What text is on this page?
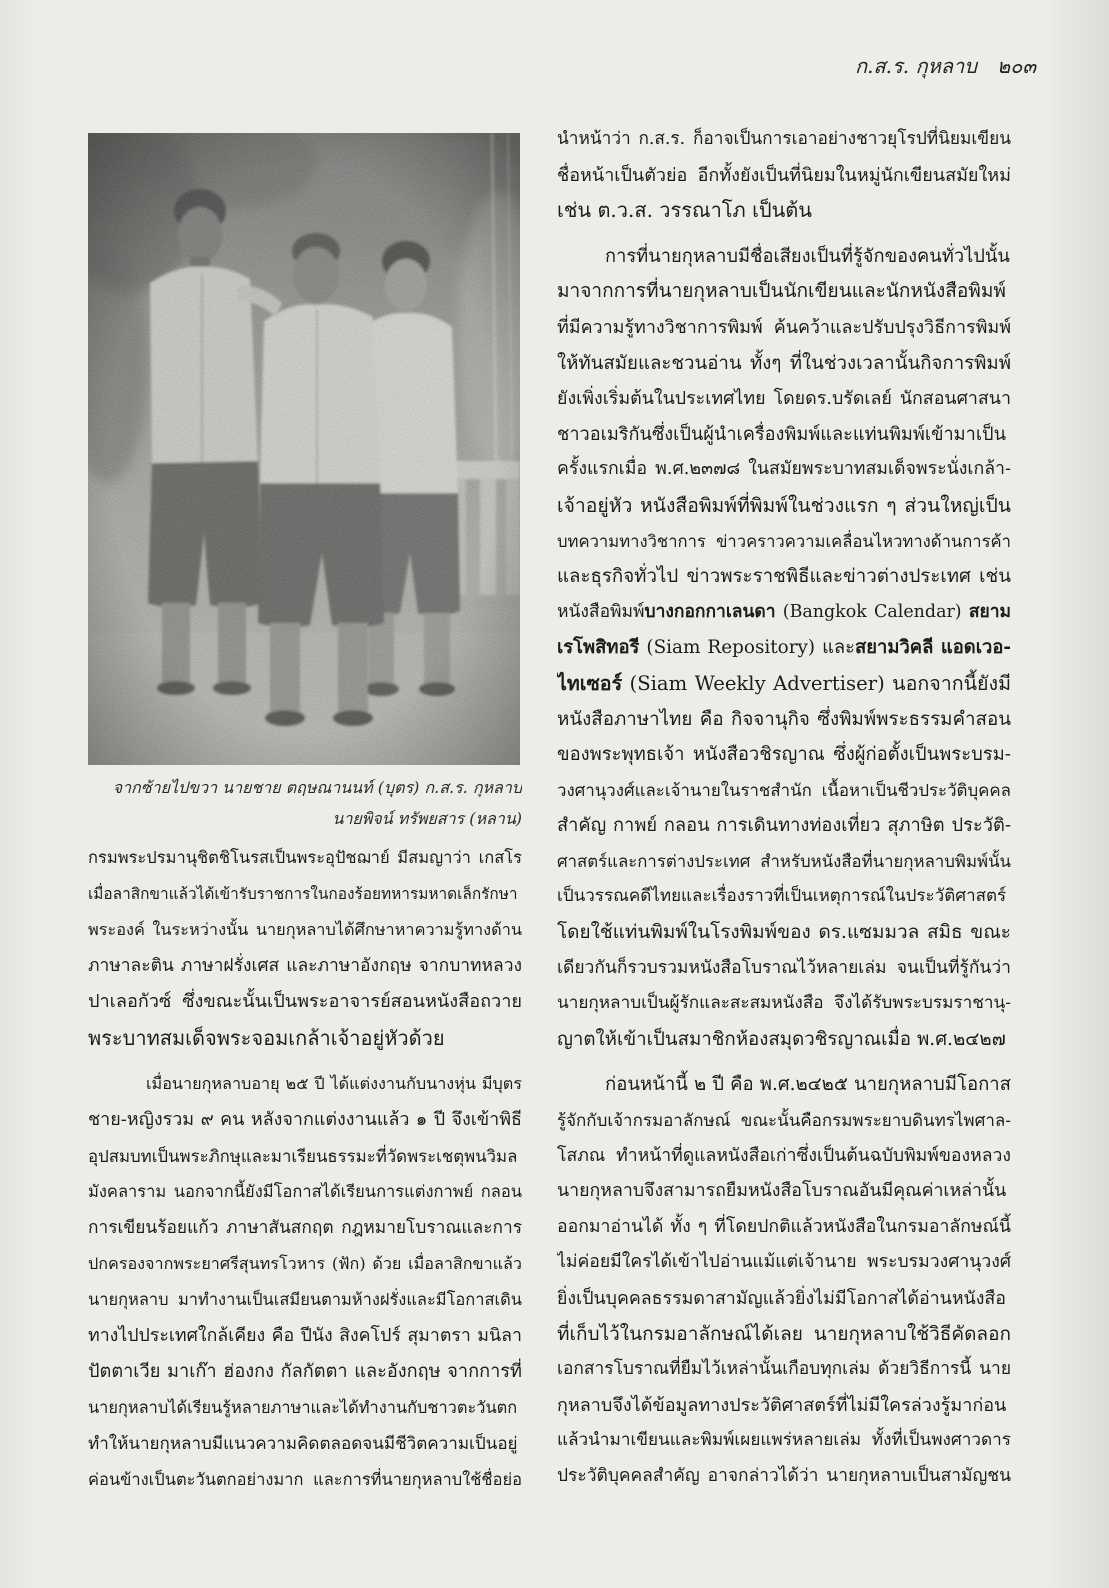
ก.ส.ร. กุหลาบ ๒๐๓
จากซ้ายไปขวา นายชาย ตฤษณานนท์ (บุตร) ก.ส.ร. กุหลาบ
นายพิจน์ ทรัพยสาร (หลาน)
กรมพระปรมานุชิตชิโนรสเป็นพระอุปัชฌาย์ มีสมญาว่า เกสโร
เมื่อลาสิกขาแล้วได้เข้ารับราชการในกองร้อยทหารมหาดเล็กรักษา
พระองค์ ในระหว่างนั้น นายกุหลาบได้ศึกษาหาความรู้ทางด้าน
ภาษาละติน ภาษาฝรั่งเศส และภาษาอังกฤษ จากบาทหลวง
ปาเลอกัวซ์ ซึ่งขณะนั้นเป็นพระอาจารย์สอนหนังสือถวาย
พระบาทสมเด็จพระจอมเกล้าเจ้าอยู่หัวด้วย
เมื่อนายกุหลาบอายุ ๒๕ ปี ได้แต่งงานกับนางหุ่น มีบุตร
ชาย-หญิงรวม ๙ คน หลังจากแต่งงานแล้ว ๑ ปี จึงเข้าพิธี
อุปสมบทเป็นพระภิกษุและมาเรียนธรรมะที่วัดพระเชตุพนวิมล
มังคลาราม นอกจากนี้ยังมีโอกาสได้เรียนการแต่งกาพย์ กลอน
การเขียนร้อยแก้ว ภาษาสันสกฤต กฎหมายโบราณและการ
ปกครองจากพระยาศรีสุนทรโวหาร (ฟัก) ด้วย เมื่อลาสิกขาแล้ว
นายกุหลาบ มาทำงานเป็นเสมียนตามห้างฝรั่งและมีโอกาสเดิน
ทางไปประเทศใกล้เคียง คือ ปีนัง สิงคโปร์ สุมาตรา มนิลา
ปัตตาเวีย มาเก๊า ฮ่องกง กัลกัตตา และอังกฤษ จากการที่
นายกุหลาบได้เรียนรู้หลายภาษาและได้ทำงานกับชาวตะวันตก
ทำให้นายกุหลาบมีแนวความคิดตลอดจนมีชีวิตความเป็นอยู่
ค่อนข้างเป็นตะวันตกอย่างมาก และการที่นายกุหลาบใช้ชื่อย่อ
นำหน้าว่า ก.ส.ร. ก็อาจเป็นการเอาอย่างชาวยุโรปที่นิยมเขียน
ชื่อหน้าเป็นตัวย่อ อีกทั้งยังเป็นที่นิยมในหมู่นักเขียนสมัยใหม่
เช่น ต.ว.ส. วรรณาโภ เป็นต้น
การที่นายกุหลาบมีชื่อเสียงเป็นที่รู้จักของคนทั่วไปนั้น
มาจากการที่นายกุหลาบเป็นนักเขียนและนักหนังสือพิมพ์
ที่มีความรู้ทางวิชาการพิมพ์ ค้นคว้าและปรับปรุงวิธีการพิมพ์
ให้ทันสมัยและชวนอ่าน ทั้งๆ ที่ในช่วงเวลานั้นกิจการพิมพ์
ยังเพิ่งเริ่มต้นในประเทศไทย โดยดร.บรัดเลย์ นักสอนศาสนา
ชาวอเมริกันซึ่งเป็นผู้นำเครื่องพิมพ์และแท่นพิมพ์เข้ามาเป็น
ครั้งแรกเมื่อ พ.ศ.๒๓๗๘ ในสมัยพระบาทสมเด็จพระนั่งเกล้า-
เจ้าอยู่หัว หนังสือพิมพ์ที่พิมพ์ในช่วงแรก ๆ ส่วนใหญ่เป็น
บทความทางวิชาการ ข่าวคราวความเคลื่อนไหวทางด้านการค้า
และธุรกิจทั่วไป ข่าวพระราชพิธีและข่าวต่างประเทศ เช่น
หนังสือพิมพ์บางกอกกาเลนดา (Bangkok Calendar) สยาม
เรโพสิทอรี (Siam Repository) และสยามวิคลี แอดเวอ-
ไทเซอร์ (Siam Weekly Advertiser) นอกจากนี้ยังมี
หนังสือภาษาไทย คือ กิจจานุกิจ ซึ่งพิมพ์พระธรรมคำสอน
ของพระพุทธเจ้า หนังสือวชิรญาณ ซึ่งผู้ก่อตั้งเป็นพระบรม-
วงศานุวงศ์และเจ้านายในราชสำนัก เนื้อหาเป็นชีวประวัติบุคคล
สำคัญ กาพย์ กลอน การเดินทางท่องเที่ยว สุภาษิต ประวัติ-
ศาสตร์และการต่างประเทศ สำหรับหนังสือที่นายกุหลาบพิมพ์นั้น
เป็นวรรณคดีไทยและเรื่องราวที่เป็นเหตุการณ์ในประวัติศาสตร์
โดยใช้แท่นพิมพ์ในโรงพิมพ์ของ ดร.แซมมวล สมิธ ขณะ
เดียวกันก็รวบรวมหนังสือโบราณไว้หลายเล่ม จนเป็นที่รู้กันว่า
นายกุหลาบเป็นผู้รักและสะสมหนังสือ จึงได้รับพระบรมราชานุ-
ญาตให้เข้าเป็นสมาชิกห้องสมุดวชิรญาณเมื่อ พ.ศ.๒๔๒๗
ก่อนหน้านี้ ๒ ปี คือ พ.ศ.๒๔๒๕ นายกุหลาบมีโอกาส
รู้จักกับเจ้ากรมอาลักษณ์ ขณะนั้นคือกรมพระยาบดินทรไพศาล-
โสภณ ทำหน้าที่ดูแลหนังสือเก่าซึ่งเป็นต้นฉบับพิมพ์ของหลวง
นายกุหลาบจึงสามารถยืมหนังสือโบราณอันมีคุณค่าเหล่านั้น
ออกมาอ่านได้ ทั้ง ๆ ที่โดยปกติแล้วหนังสือในกรมอาลักษณ์นี้
ไม่ค่อยมีใครได้เข้าไปอ่านแม้แต่เจ้านาย พระบรมวงศานุวงศ์
ยิ่งเป็นบุคคลธรรมดาสามัญแล้วยิ่งไม่มีโอกาสได้อ่านหนังสือ
ที่เก็บไว้ในกรมอาลักษณ์ได้เลย นายกุหลาบใช้วิธีคัดลอก
เอกสารโบราณที่ยืมไว้เหล่านั้นเกือบทุกเล่ม ด้วยวิธีการนี้ นาย
กุหลาบจึงได้ข้อมูลทางประวัติศาสตร์ที่ไม่มีใครล่วงรู้มาก่อน
แล้วนำมาเขียนและพิมพ์เผยแพร่หลายเล่ม ทั้งที่เป็นพงศาวดาร
ประวัติบุคคลสำคัญ อาจกล่าวได้ว่า นายกุหลาบเป็นสามัญชน
